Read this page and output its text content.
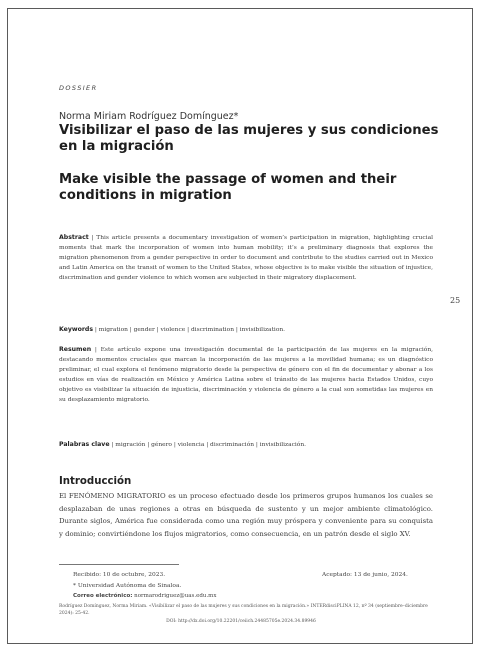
DOSSIER
Norma Miriam Rodríguez Domínguez*
Visibilizar el paso de las mujeres y sus condiciones en la migración
Make visible the passage of women and their conditions in migration
Abstract | This article presents a documentary investigation of women’s participation in migration, highlighting crucial moments that mark the incorporation of women into human mobility; it’s a preliminary diagnosis that explores the migration phenomenon from a gender perspective in order to document and contribute to the studies carried out in Mexico and Latin America on the transit of women to the United States, whose objective is to make visible the situation of injustice, discrimination and gender violence to which women are subjected in their migratory displacement.
Keywords | migration | gender | violence | discrimination | invisibilization.
Resumen | Este artículo expone una investigación documental de la participación de las mujeres en la migración, destacando momentos cruciales que marcan la incorporación de las mujeres a la movilidad humana; es un diagnóstico preliminar, el cual explora el fenómeno migratorio desde la perspectiva de género con el fin de documentar y abonar a los estudios en vías de realización en México y América Latina sobre el tránsito de las mujeres hacia Estados Unidos, cuyo objetivo es visibilizar la situación de injusticia, discriminación y violencia de género a la cual son sometidas las mujeres en su desplazamiento migratorio.
Palabras clave | migración | género | violencia | discriminación | invisibilización.
25
Introducción
El FENÓMENO MIGRATORIO es un proceso efectuado desde los primeros grupos humanos los cuales se desplazaban de unas regiones a otras en búsqueda de sustento y un mejor ambiente climatológico. Durante siglos, América fue considerada como una región muy próspera y conveniente para su conquista y dominio; convirtiéndone los flujos migratorios, como consecuencia, en un patrón desde el siglo XV.
Recibido: 10 de octubre, 2023.	Aceptado: 13 de junio, 2024.
* Universidad Autónoma de Sinaloa.
Correo electrónico: normarodriguez@uas.edu.mx
Rodríguez Domínguez, Norma Miriam. «Visibilizar el paso de las mujeres y sus condiciones en la migración.» INTERdisciPLINA 12, nº 34 (septiembre–diciembre 2024): 25-42.
DOI: http://dx.doi.org/10.22201/ceiich.24485705e.2024.34.89946
